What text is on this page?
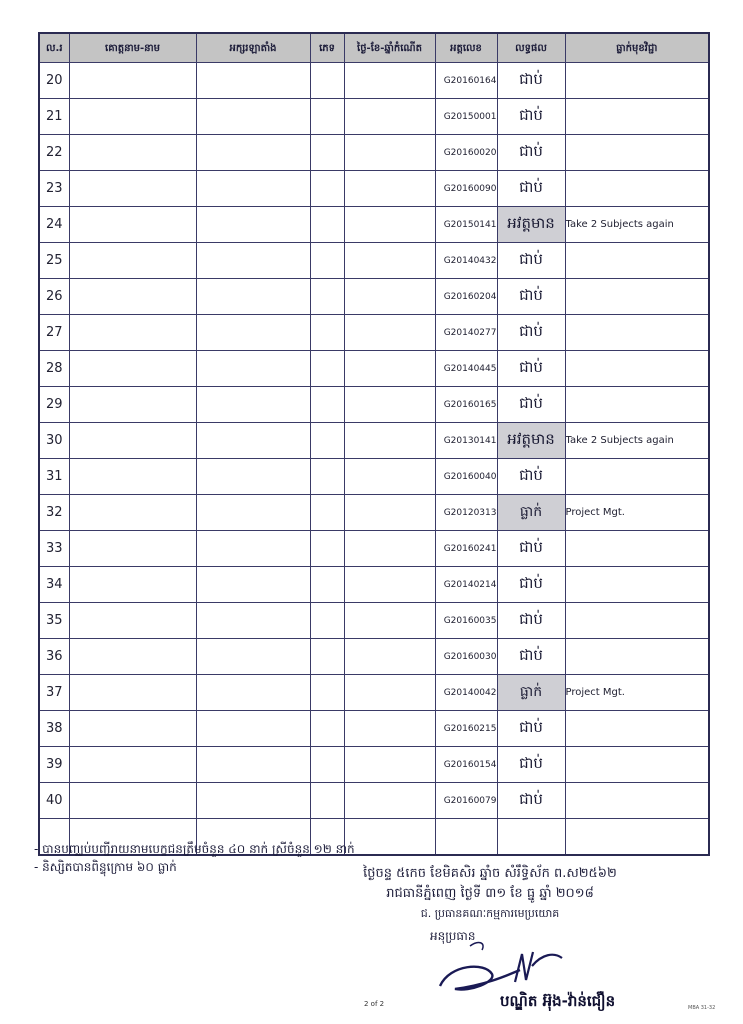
ល.រ	គោត្តនាម-នាម	អក្សរឡាតាំង	ភេទ	ថ្ងៃ-ខែ-ឆ្នាំកំណើត	អត្តលេខ	លទ្ធផល	ធ្លាក់មុខវិជ្ជា
20					G20160164	ជាប់	
21					G20150001	ជាប់	
22					G20160020	ជាប់	
23					G20160090	ជាប់	
24					G20150141	អវត្តមាន	Take 2 Subjects again
25					G20140432	ជាប់	
26					G20160204	ជាប់	
27					G20140277	ជាប់	
28					G20140445	ជាប់	
29					G20160165	ជាប់	
30					G20130141	អវត្តមាន	Take 2 Subjects again
31					G20160040	ជាប់	
32					G20120313	ធ្លាក់	Project Mgt.
33					G20160241	ជាប់	
34					G20140214	ជាប់	
35					G20160035	ជាប់	
36					G20160030	ជាប់	
37					G20140042	ធ្លាក់	Project Mgt.
38					G20160215	ជាប់	
39					G20160154	ជាប់	
40					G20160079	ជាប់	

- បានបញ្ឈប់បញ្ជីរាយនាមបេក្ខជនត្រឹមចំនួន ៤០ នាក់ ស្រីចំនួន ១២ នាក់
- និស្សិតបានពិន្ទុក្រោម ៦០ ធ្លាក់	ថ្ងៃចន្ទ ៥កេច ខែមិគសិរ ឆ្នាំច សំរឹទ្ធិស័ក ព.ស២៥៦២
រាជធានីភ្នំពេញ ថ្ងៃទី ៣១ ខែ ធ្នូ ឆ្នាំ ២០១៨
ជ. ប្រធានគណៈកម្មការមេប្រយោគ
អនុប្រធាន
2 of 2	បណ្ឌិត អ៊ុង-វ៉ាន់ជឿន	MBA 31-32
